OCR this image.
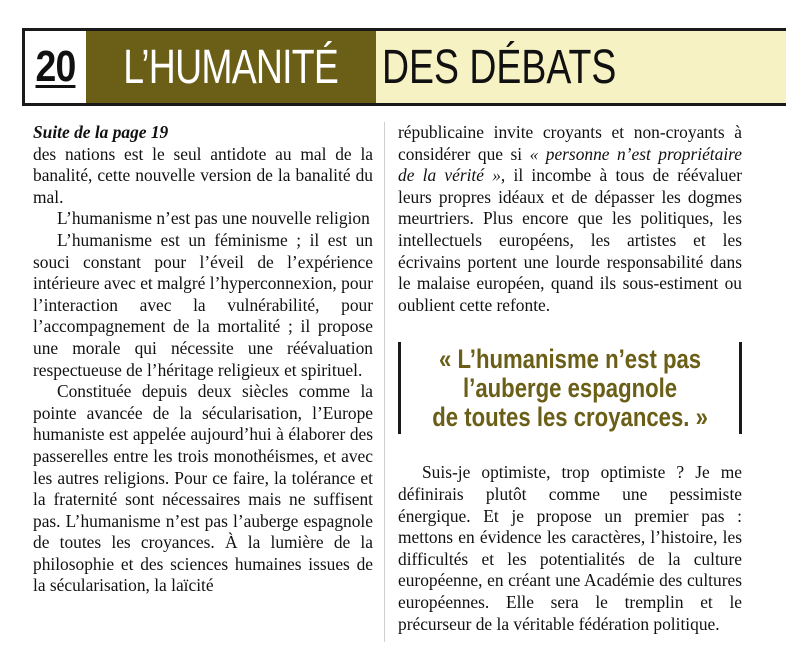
20 L’HUMANITÉ DES DÉBATS

Suite de la page 19

des nations est le seul antidote au mal de la banalité, cette nouvelle version de la banalité du mal.

L’humanisme n’est pas une nouvelle religion

L’humanisme est un féminisme ; il est un souci constant pour l’éveil de l’expérience intérieure avec et malgré l’hyperconnexion, pour l’interaction avec la vulnérabilité, pour l’accompagnement de la mortalité ; il propose une morale qui nécessite une réévaluation respectueuse de l’héritage religieux et spirituel.

Constituée depuis deux siècles comme la pointe avancée de la sécularisation, l’Europe humaniste est appelée aujourd’hui à élaborer des passerelles entre les trois monothéismes, et avec les autres religions. Pour ce faire, la tolérance et la fraternité sont nécessaires mais ne suffisent pas. L’humanisme n’est pas l’auberge espagnole de toutes les croyances. À la lumière de la philosophie et des sciences humaines issues de la sécularisation, la laïcité

républicaine invite croyants et non-croyants à considérer que si « personne n’est propriétaire de la vérité », il incombe à tous de réévaluer leurs propres idéaux et de dépasser les dogmes meurtriers. Plus encore que les politiques, les intellectuels européens, les artistes et les écrivains portent une lourde responsabilité dans le malaise européen, quand ils sous-estiment ou oublient cette refonte.

« L’humanisme n’est pas
l’auberge espagnole
de toutes les croyances. »

Suis-je optimiste, trop optimiste ? Je me définirais plutôt comme une pessimiste énergique. Et je propose un premier pas : mettons en évidence les caractères, l’histoire, les difficultés et les potentialités de la culture européenne, en créant une Académie des cultures européennes. Elle sera le tremplin et le précurseur de la véritable fédération politique.
